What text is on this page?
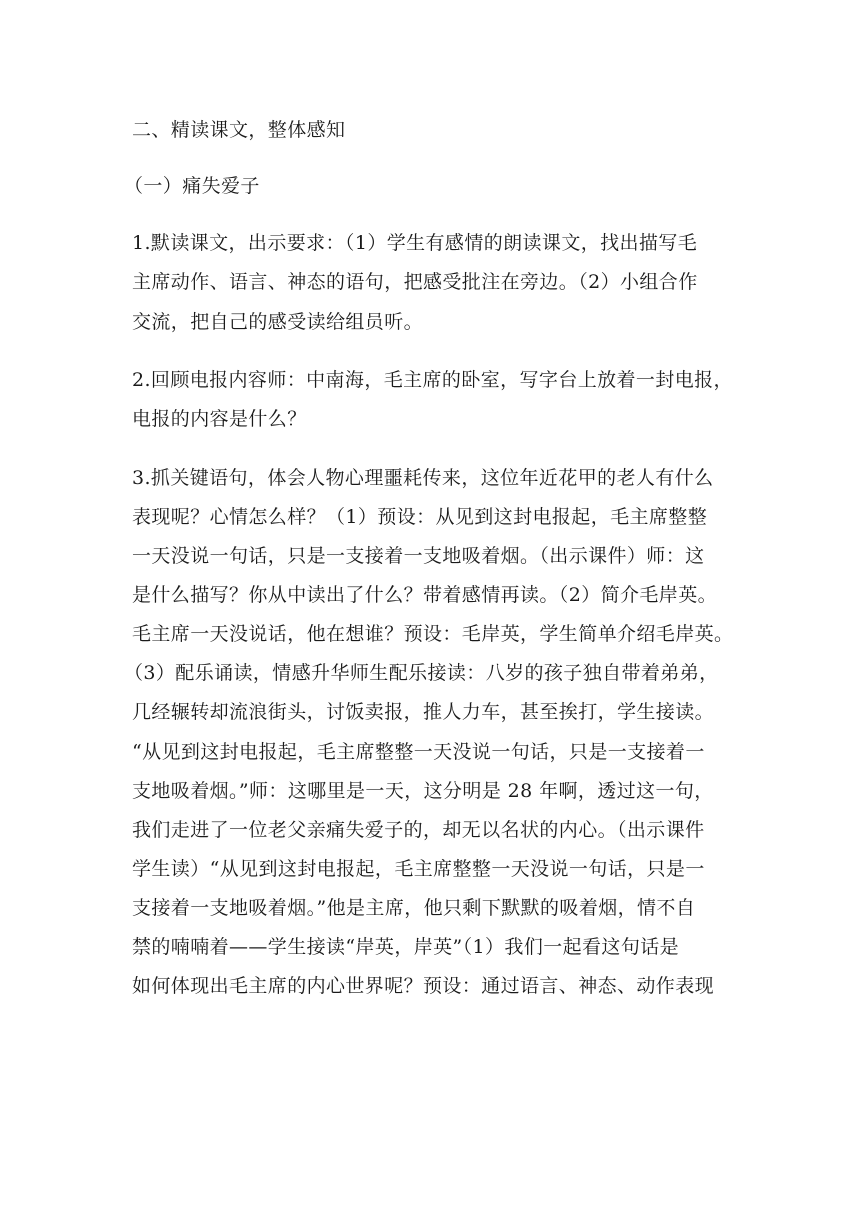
二、精读课文，整体感知
（一）痛失爱子
1.默读课文，出示要求：（1）学生有感情的朗读课文，找出描写毛
主席动作、语言、神态的语句，把感受批注在旁边。（2）小组合作
交流，把自己的感受读给组员听。
2.回顾电报内容师：中南海，毛主席的卧室，写字台上放着一封电报，
电报的内容是什么？
3.抓关键语句，体会人物心理噩耗传来，这位年近花甲的老人有什么
表现呢？心情怎么样？（1）预设：从见到这封电报起，毛主席整整
一天没说一句话，只是一支接着一支地吸着烟。（出示课件）师：这
是什么描写？你从中读出了什么？带着感情再读。（2）简介毛岸英。
毛主席一天没说话，他在想谁？预设：毛岸英，学生简单介绍毛岸英。
（3）配乐诵读，情感升华师生配乐接读：八岁的孩子独自带着弟弟，
几经辗转却流浪街头，讨饭卖报，推人力车，甚至挨打，学生接读。
“从见到这封电报起，毛主席整整一天没说一句话，只是一支接着一
支地吸着烟。”师：这哪里是一天，这分明是 28 年啊，透过这一句，
我们走进了一位老父亲痛失爱子的，却无以名状的内心。（出示课件
学生读）“从见到这封电报起，毛主席整整一天没说一句话，只是一
支接着一支地吸着烟。”他是主席，他只剩下默默的吸着烟，情不自
禁的喃喃着——学生接读“岸英，岸英”（1）我们一起看这句话是
如何体现出毛主席的内心世界呢？预设：通过语言、神态、动作表现
